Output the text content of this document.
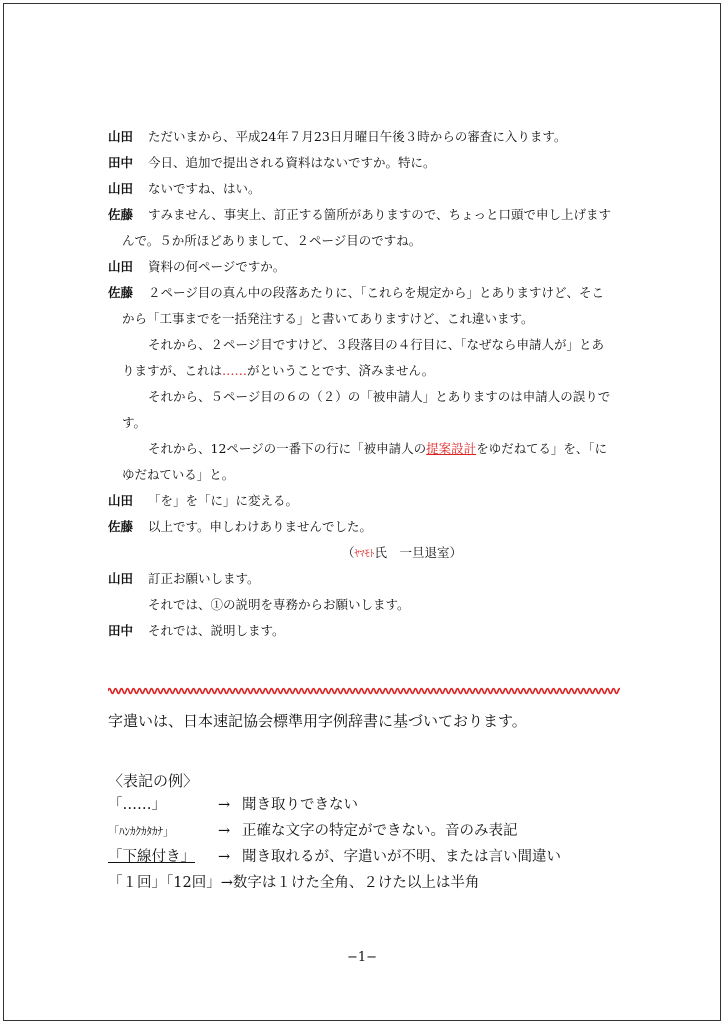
山田 ただいまから、平成24年７月23日月曜日午後３時からの審査に入ります。
田中 今日、追加で提出される資料はないですか。特に。
山田 ないですね、はい。
佐藤 すみません、事実上、訂正する箇所がありますので、ちょっと口頭で申し上げます
んで。５か所ほどありまして、２ページ目のですね。
山田 資料の何ページですか。
佐藤 ２ページ目の真ん中の段落あたりに、「これらを規定から」とありますけど、そこ
から「工事までを一括発注する」と書いてありますけど、これ違います。
それから、２ページ目ですけど、３段落目の４行目に、「なぜなら申請人が」とあ
りますが、これは……がということです、済みません。
それから、５ページ目の６の（２）の「被申請人」とありますのは申請人の誤りで
す。
それから、12ページの一番下の行に「被申請人の提案設計をゆだねてる」を、「に
ゆだねている」と。
山田 「を」を「に」に変える。
佐藤 以上です。申しわけありませんでした。
（ﾔﾏﾓﾄ氏　一旦退室）
山田 訂正お願いします。
それでは、①の説明を専務からお願いします。
田中 それでは、説明します。
字遣いは、日本速記協会標準用字例辞書に基づいております。
〈表記の例〉
「……」	→ 聞き取りできない
「ﾊﾝｶｸｶﾀｶﾅ」	→ 正確な文字の特定ができない。音のみ表記
「下線付き」 → 聞き取れるが、字遣いが不明、または言い間違い
「１回」「12回」→数字は１けた全角、２けた以上は半角
−1−
